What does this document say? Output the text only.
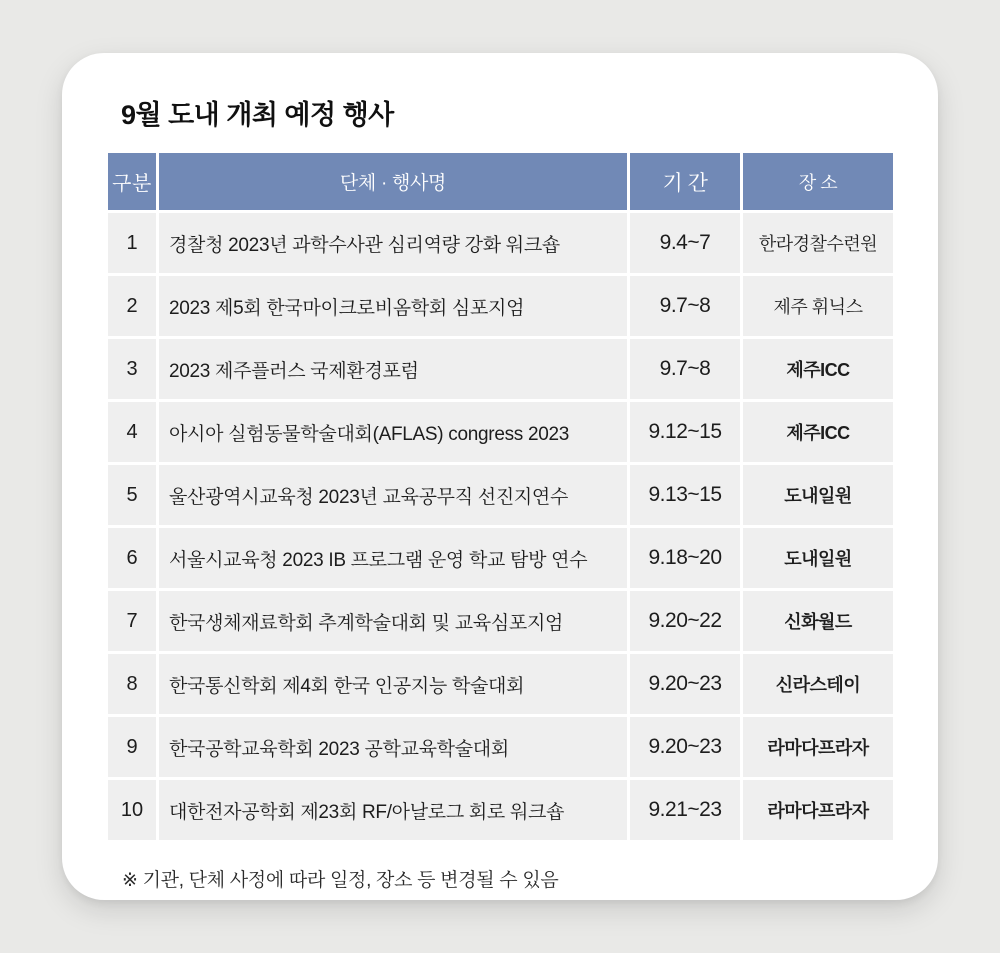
9월 도내 개최 예정 행사
구분	단체 · 행사명	기 간	장 소
1	경찰청 2023년 과학수사관 심리역량 강화 워크숍	9.4~7	한라경찰수련원
2	2023 제5회 한국마이크로비옴학회 심포지엄	9.7~8	제주 휘닉스
3	2023 제주플러스 국제환경포럼	9.7~8	제주ICC
4	아시아 실험동물학술대회(AFLAS) congress 2023	9.12~15	제주ICC
5	울산광역시교육청 2023년 교육공무직 선진지연수	9.13~15	도내일원
6	서울시교육청 2023 IB 프로그램 운영 학교 탐방 연수	9.18~20	도내일원
7	한국생체재료학회 추계학술대회 및 교육심포지엄	9.20~22	신화월드
8	한국통신학회 제4회 한국 인공지능 학술대회	9.20~23	신라스테이
9	한국공학교육학회 2023 공학교육학술대회	9.20~23	라마다프라자
10	대한전자공학회 제23회 RF/아날로그 회로 워크숍	9.21~23	라마다프라자

※ 기관, 단체 사정에 따라 일정, 장소 등 변경될 수 있음
